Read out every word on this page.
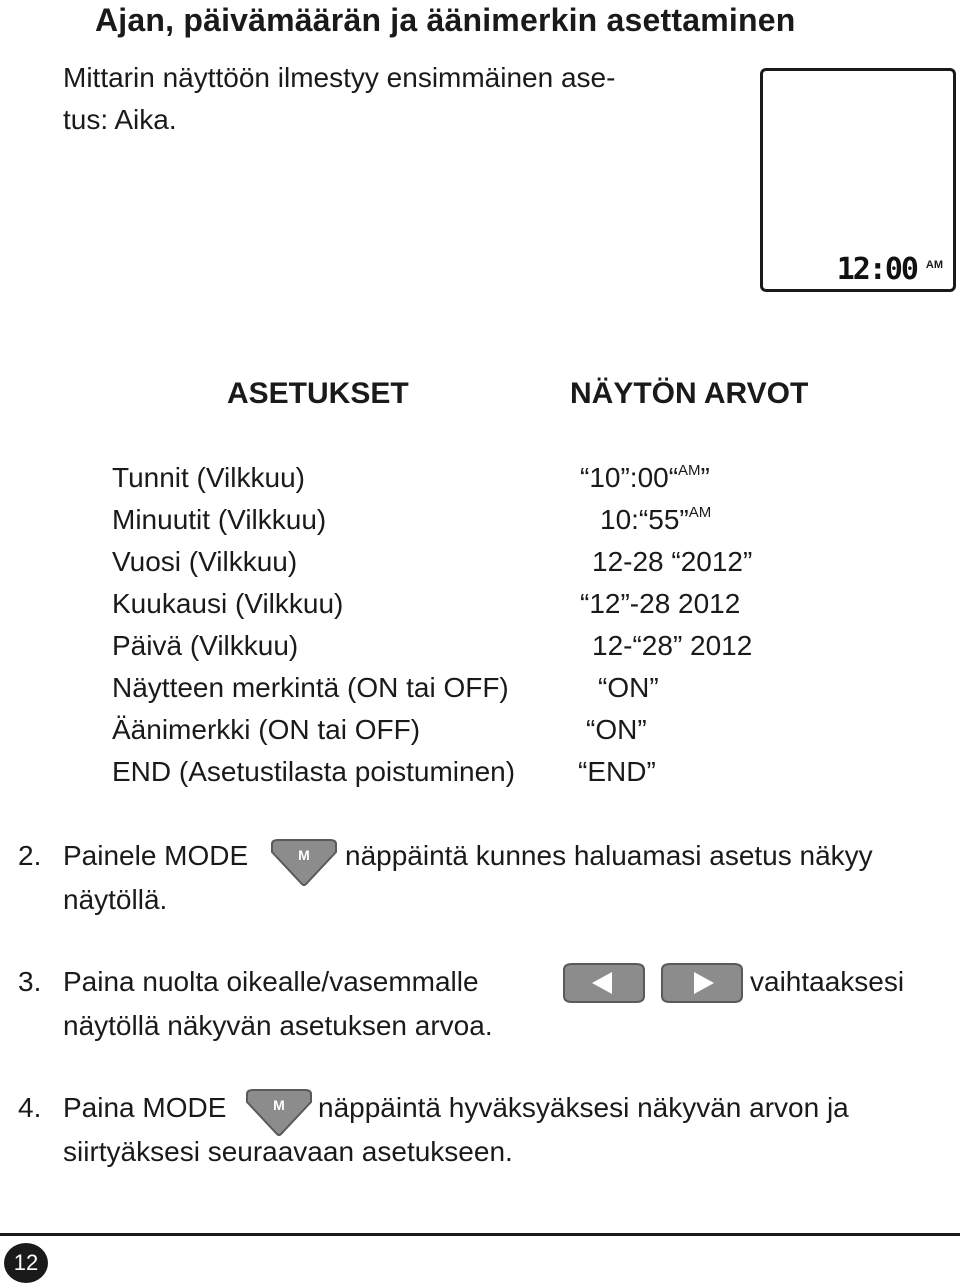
Ajan, päivämäärän ja äänimerkin asettaminen
Mittarin näyttöön ilmestyy ensimmäinen ase-
tus: Aika.
12:00 AM
ASETUKSET	NÄYTÖN ARVOT
Tunnit (Vilkkuu)	“10”:00“$^{AM}$”
Minuutit (Vilkkuu)	10:“55”$^{AM}$
Vuosi (Vilkkuu)	12-28 “2012”
Kuukausi (Vilkkuu)	“12”-28 2012
Päivä (Vilkkuu)	12-“28” 2012
Näytteen merkintä (ON tai OFF)	“ON”
Äänimerkki (ON tai OFF)	“ON”
END (Asetustilasta poistuminen) “END”
2. Painele MODE	M näppäintä kunnes haluamasi asetus näkyy
näytöllä.
3. Paina nuolta oikealle/vasemmalle	vaihtaaksesi
näytöllä näkyvän asetuksen arvoa.
4. Paina MODE	M näppäintä hyväksyäksesi näkyvän arvon ja
siirtyäksesi seuraavaan asetukseen.
12
